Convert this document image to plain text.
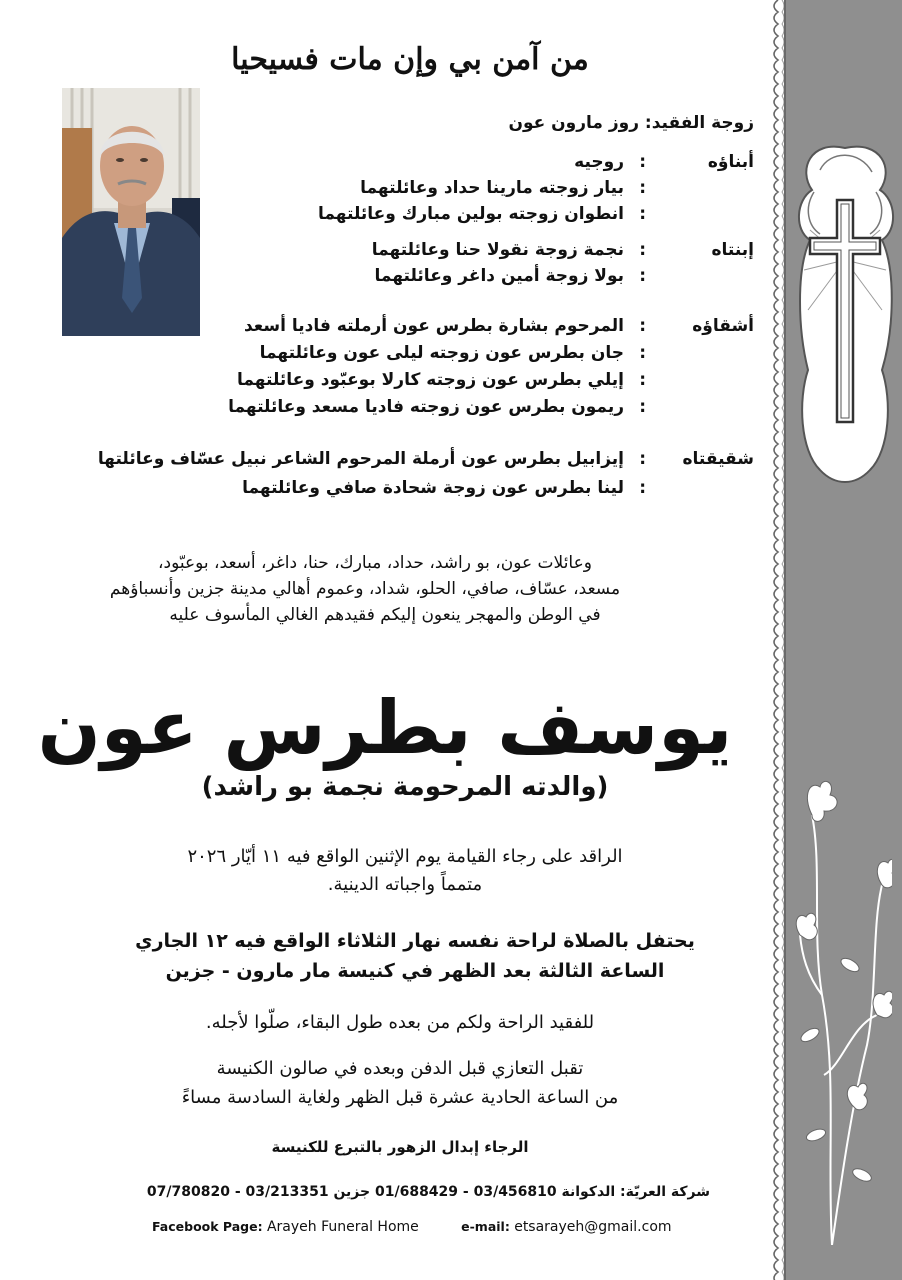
من آمن بي وإن مات فسيحيا
زوجة الفقيد: روز مارون عون
أبناؤه
:
روجيه
:
بيار زوجته مارينا حداد وعائلتهما
:
انطوان زوجته بولين مبارك وعائلتهما
إبنتاه
:
نجمة زوجة نقولا حنا وعائلتهما
:
بولا زوجة أمين داغر وعائلتهما
أشقاؤه
:
المرحوم بشارة بطرس عون أرملته فاديا أسعد
:
جان بطرس عون زوجته ليلى عون وعائلتهما
:
إيلي بطرس عون زوجته كارلا بوعبّود وعائلتهما
:
ريمون بطرس عون زوجته فاديا مسعد وعائلتهما
شقيقتاه
:
إيزابيل بطرس عون أرملة المرحوم الشاعر نبيل عسّاف وعائلتها
:
لينا بطرس عون زوجة شحادة صافي وعائلتهما
وعائلات عون، بو راشد، حداد، مبارك، حنا، داغر، أسعد، بوعبّود،
مسعد، عسّاف، صافي، الحلو، شداد، وعموم أهالي مدينة جزين وأنسباؤهم
في الوطن والمهجر ينعون إليكم فقيدهم الغالي المأسوف عليه
يوسف بطرس عون
(والدته المرحومة نجمة بو راشد)
الراقد على رجاء القيامة يوم الإثنين الواقع فيه ١١ أيّار ٢٠٢٦
متمماً واجباته الدينية.
يحتفل بالصلاة لراحة نفسه نهار الثلاثاء الواقع فيه ١٢ الجاري
الساعة الثالثة بعد الظهر في كنيسة مار مارون - جزين
للفقيد الراحة ولكم من بعده طول البقاء، صلّوا لأجله.
تقبل التعازي قبل الدفن وبعده في صالون الكنيسة
من الساعة الحادية عشرة قبل الظهر ولغاية السادسة مساءً
الرجاء إبدال الزهور بالتبرع للكنيسة
شركة العريّة: الدكوانة 03/456810 - 01/688429 جزين 03/213351 - 07/780820
Facebook Page: Arayeh Funeral Home	e-mail: etsarayeh@gmail.com
